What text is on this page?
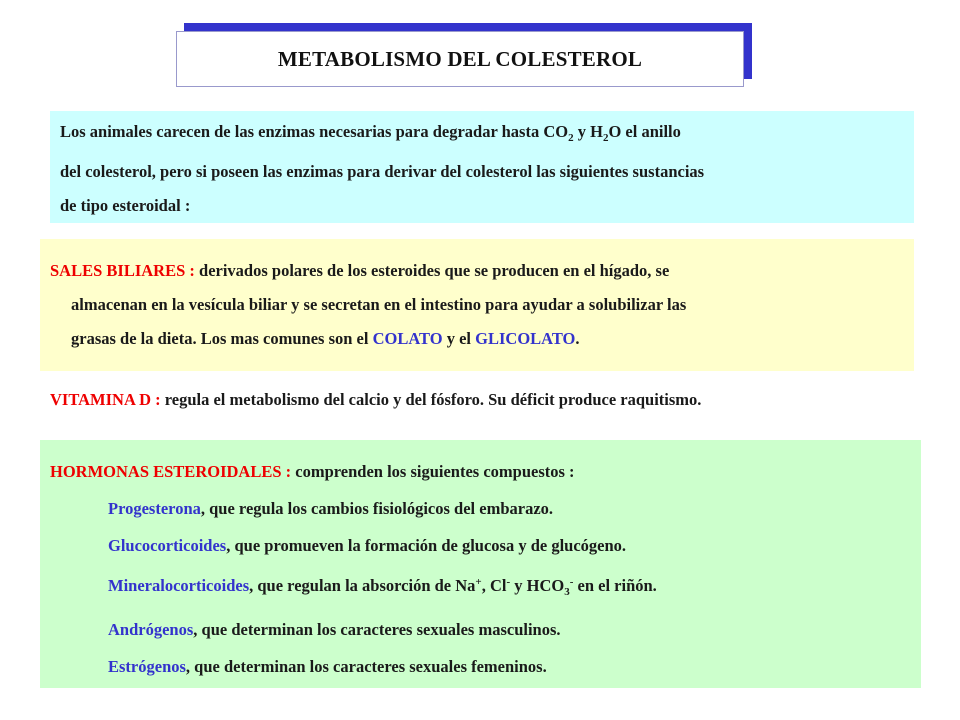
METABOLISMO DEL COLESTEROL
Los animales carecen de las enzimas necesarias para degradar hasta $CO_2$ y $H_2O$ el anillo
del colesterol, pero si poseen las enzimas para derivar del colesterol las siguientes sustancias
de tipo esteroidal :
SALES BILIARES : derivados polares de los esteroides que se producen en el hígado, se
almacenan en la vesícula biliar y se secretan en el intestino para ayudar a solubilizar las
grasas de la dieta. Los mas comunes son el COLATO y el GLICOLATO.
VITAMINA D : regula el metabolismo del calcio y del fósforo. Su déficit produce raquitismo.
HORMONAS ESTEROIDALES : comprenden los siguientes compuestos :
Progesterona, que regula los cambios fisiológicos del embarazo.
Glucocorticoides, que promueven la formación de glucosa y de glucógeno.
Mineralocorticoides, que regulan la absorción de Na+, Cl- y $HCO_3^-$ en el riñón.
Andrógenos, que determinan los caracteres sexuales masculinos.
Estrógenos, que determinan los caracteres sexuales femeninos.
